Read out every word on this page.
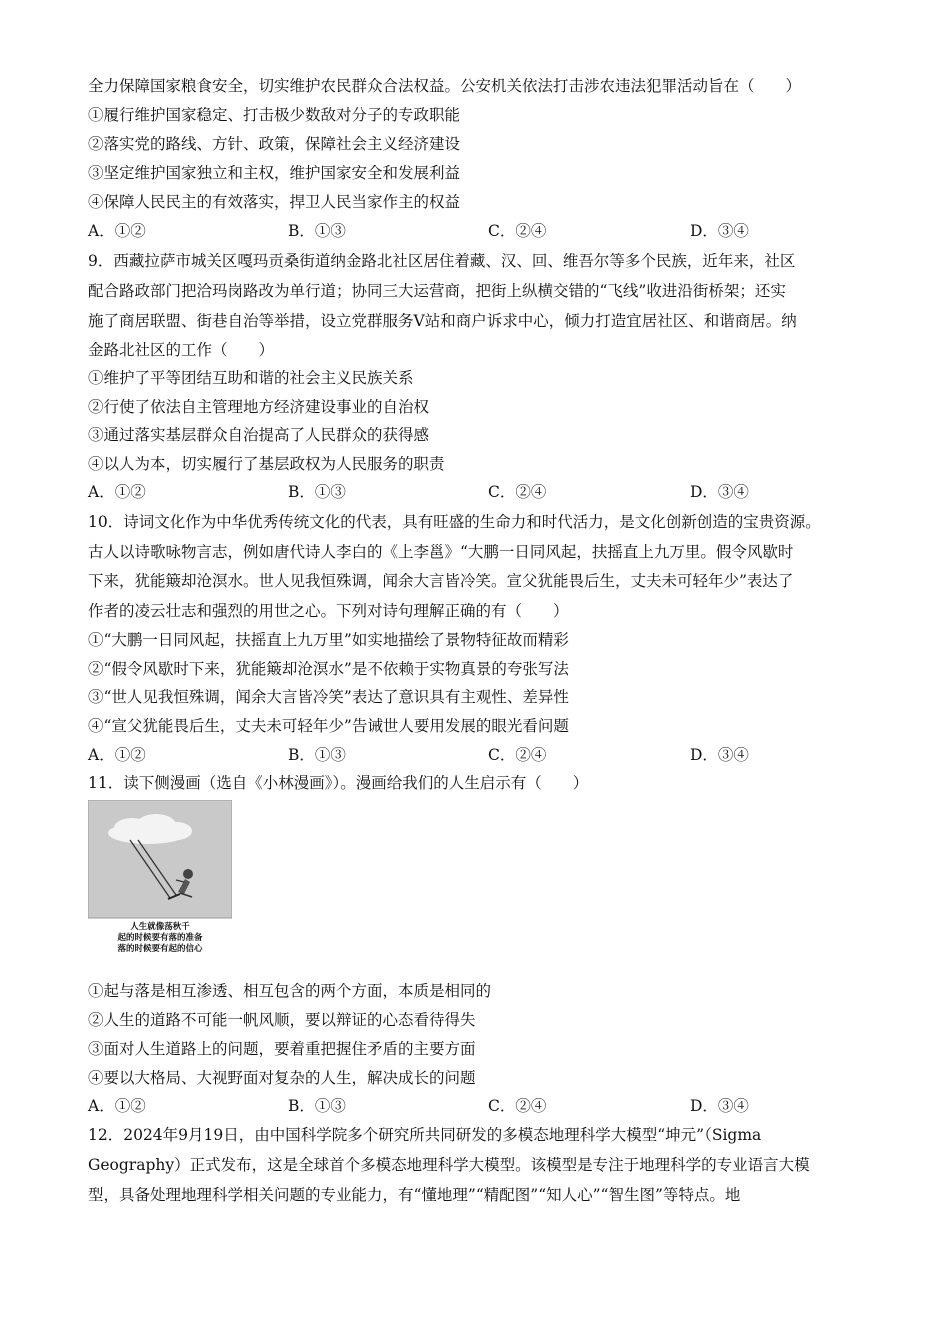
全力保障国家粮食安全，切实维护农民群众合法权益。公安机关依法打击涉农违法犯罪活动旨在（　　）
①履行维护国家稳定、打击极少数敌对分子的专政职能
②落实党的路线、方针、政策，保障社会主义经济建设
③坚定维护国家独立和主权，维护国家安全和发展利益
④保障人民民主的有效落实，捍卫人民当家作主的权益
A．①②	B．①③	C．②④	D．③④
9．西藏拉萨市城关区嘎玛贡桑街道纳金路北社区居住着藏、汉、回、维吾尔等多个民族，近年来，社区
配合路政部门把洽玛岗路改为单行道；协同三大运营商，把街上纵横交错的“飞线”收进沿街桥架；还实
施了商居联盟、街巷自治等举措，设立党群服务V站和商户诉求中心，倾力打造宜居社区、和谐商居。纳
金路北社区的工作（　　）
①维护了平等团结互助和谐的社会主义民族关系
②行使了依法自主管理地方经济建设事业的自治权
③通过落实基层群众自治提高了人民群众的获得感
④以人为本，切实履行了基层政权为人民服务的职责
A．①②	B．①③	C．②④	D．③④
10．诗词文化作为中华优秀传统文化的代表，具有旺盛的生命力和时代活力，是文化创新创造的宝贵资源。
古人以诗歌咏物言志，例如唐代诗人李白的《上李邕》“大鹏一日同风起，扶摇直上九万里。假令风歇时
下来，犹能簸却沧溟水。世人见我恒殊调，闻余大言皆冷笑。宣父犹能畏后生，丈夫未可轻年少”表达了
作者的凌云壮志和强烈的用世之心。下列对诗句理解正确的有（　　）
①“大鹏一日同风起，扶摇直上九万里”如实地描绘了景物特征故而精彩
②“假令风歇时下来，犹能簸却沧溟水”是不依赖于实物真景的夸张写法
③“世人见我恒殊调，闻余大言皆冷笑”表达了意识具有主观性、差异性
④“宣父犹能畏后生，丈夫未可轻年少”告诫世人要用发展的眼光看问题
A．①②	B．①③	C．②④	D．③④
11．读下侧漫画（选自《小林漫画》）。漫画给我们的人生启示有（　　）
人生就像荡秋千
起的时候要有落的准备
落的时候要有起的信心
①起与落是相互渗透、相互包含的两个方面，本质是相同的
②人生的道路不可能一帆风顺，要以辩证的心态看待得失
③面对人生道路上的问题，要着重把握住矛盾的主要方面
④要以大格局、大视野面对复杂的人生，解决成长的问题
A．①②	B．①③	C．②④	D．③④
12．2024年9月19日，由中国科学院多个研究所共同研发的多模态地理科学大模型“坤元”（Sigma
Geography）正式发布，这是全球首个多模态地理科学大模型。该模型是专注于地理科学的专业语言大模
型，具备处理地理科学相关问题的专业能力，有“懂地理”“精配图”“知人心”“智生图”等特点。地
